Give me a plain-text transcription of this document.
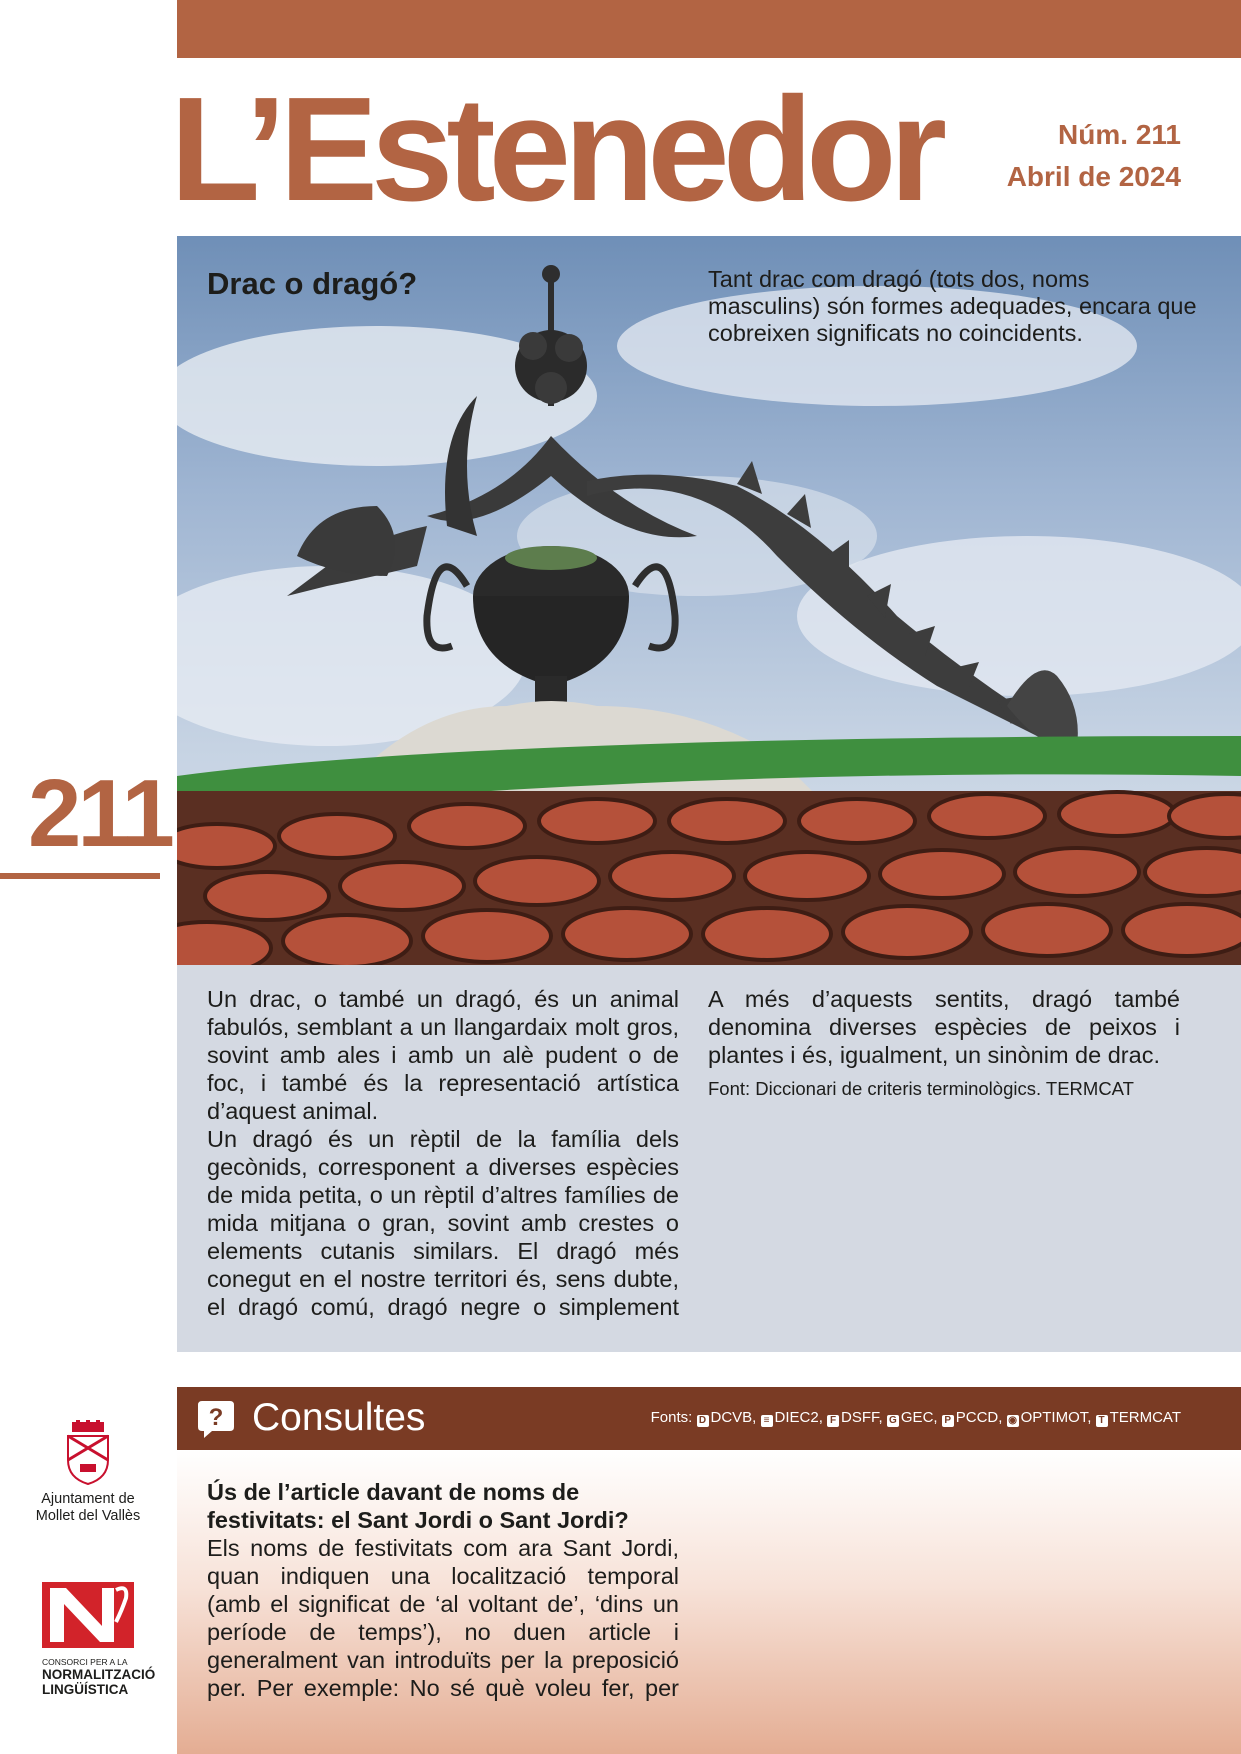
L’Estenedor	Núm. 211
Abril de 2024
211
Drac o dragó?	Tant drac com dragó (tots dos, noms masculins) són formes adequades, encara que cobreixen significats no coincidents.

Un drac, o també un dragó, és un animal fabulós, semblant a un llangardaix molt gros, sovint amb ales i amb un alè pudent o de foc, i també és la representació artística d’aquest animal.

Un dragó és un rèptil de la família dels gecònids, corresponent a diverses espècies de mida petita, o un rèptil d’altres famílies de mida mitjana o gran, sovint amb crestes o elements cutanis similars. El dragó més conegut en el nostre territori és, sens dubte, el dragó comú, dragó negre o simplement

A més d’aquests sentits, dragó també denomina diverses espècies de peixos i plantes i és, igualment, un sinònim de drac.

Font: Diccionari de criteris terminològics. TERMCAT

? Consultes	Fonts: D DCVB, ≡ DIEC2, F DSFF, G GEC, P PCCD, ◉ OPTIMOT, T TERMCAT

Ús de l’article davant de noms de festivitats: el Sant Jordi o Sant Jordi?

Els noms de festivitats com ara Sant Jordi, quan indiquen una localització temporal (amb el significat de ‘al voltant de’, ‘dins un període de temps’), no duen article i generalment van introduïts per la preposició per. Per exemple: No sé què voleu fer, per

Ajuntament de Mollet del Vallès
CONSORCI PER A LA
NORMALITZACIÓ
LINGÜÍSTICA
